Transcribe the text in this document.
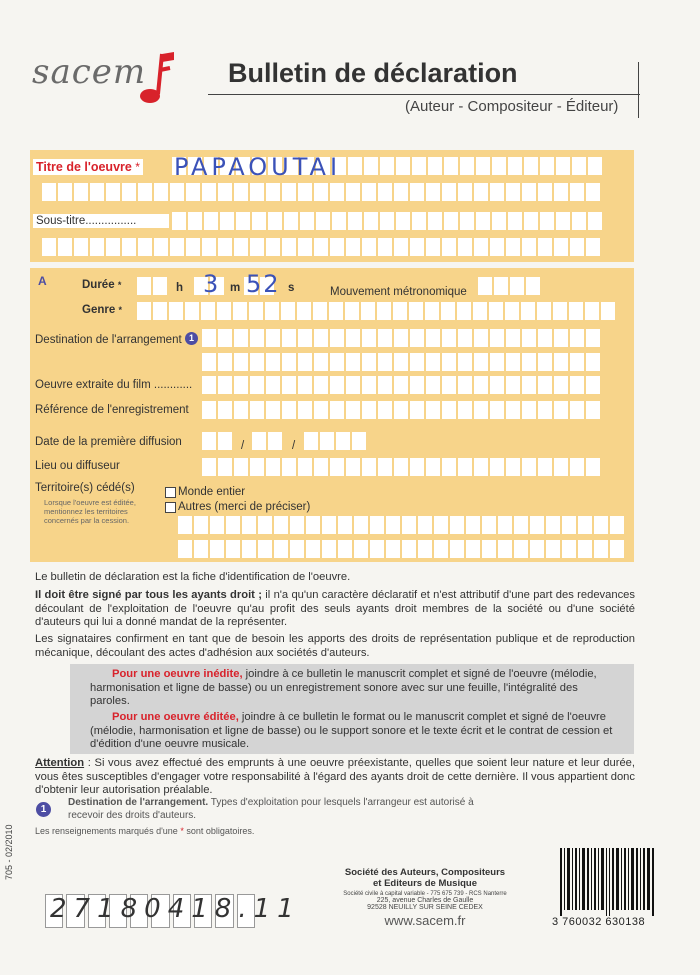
sacem	Bulletin de déclaration
(Auteur - Compositeur - Éditeur)
Titre de l'oeuvre * PAPAOUTAI
Sous-titre................
A	Durée *	h 3 m 52 s	Mouvement métronomique
Genre *
Destination de l'arrangement 1
Oeuvre extraite du film ............
Référence de l'enregistrement
Date de la première diffusion	/	/
Lieu ou diffuseur
Territoire(s) cédé(s)
Lorsque l'oeuvre est éditée, mentionnez les territoires concernés par la cession.
Monde entier
Autres (merci de préciser)
Le bulletin de déclaration est la fiche d'identification de l'oeuvre.
Il doit être signé par tous les ayants droit ; il n'a qu'un caractère déclaratif et n'est attributif d'une part des redevances découlant de l'exploitation de l'oeuvre qu'au profit des seuls ayants droit membres de la société ou d'une société d'auteurs qui lui a donné mandat de la représenter.
Les signataires confirment en tant que de besoin les apports des droits de représentation publique et de reproduction mécanique, découlant des actes d'adhésion aux sociétés d'auteurs.
Pour une oeuvre inédite, joindre à ce bulletin le manuscrit complet et signé de l'oeuvre (mélodie, harmonisation et ligne de basse) ou un enregistrement sonore avec sur une feuille, l'intégralité des paroles.
Pour une oeuvre éditée, joindre à ce bulletin le format ou le manuscrit complet et signé de l'oeuvre (mélodie, harmonisation et ligne de basse) ou le support sonore et le texte écrit et le contrat de cession et d'édition d'une oeuvre musicale.
Attention : Si vous avez effectué des emprunts à une oeuvre préexistante, quelles que soient leur nature et leur durée, vous êtes susceptibles d'engager votre responsabilité à l'égard des ayants droit de cette dernière. Il vous appartient donc d'obtenir leur autorisation préalable.
1
Destination de l'arrangement. Types d'exploitation pour lesquels l'arrangeur est autorisé à recevoir des droits d'auteurs.
Les renseignements marqués d'une * sont obligatoires.
705 - 02/2010
27180418.11
Société des Auteurs, Compositeurs
et Editeurs de Musique
Société civile à capital variable - 775 675 739 - RCS Nanterre
225, avenue Charles de Gaulle
92528 NEUILLY SUR SEINE CEDEX
www.sacem.fr	3 760032 630138
